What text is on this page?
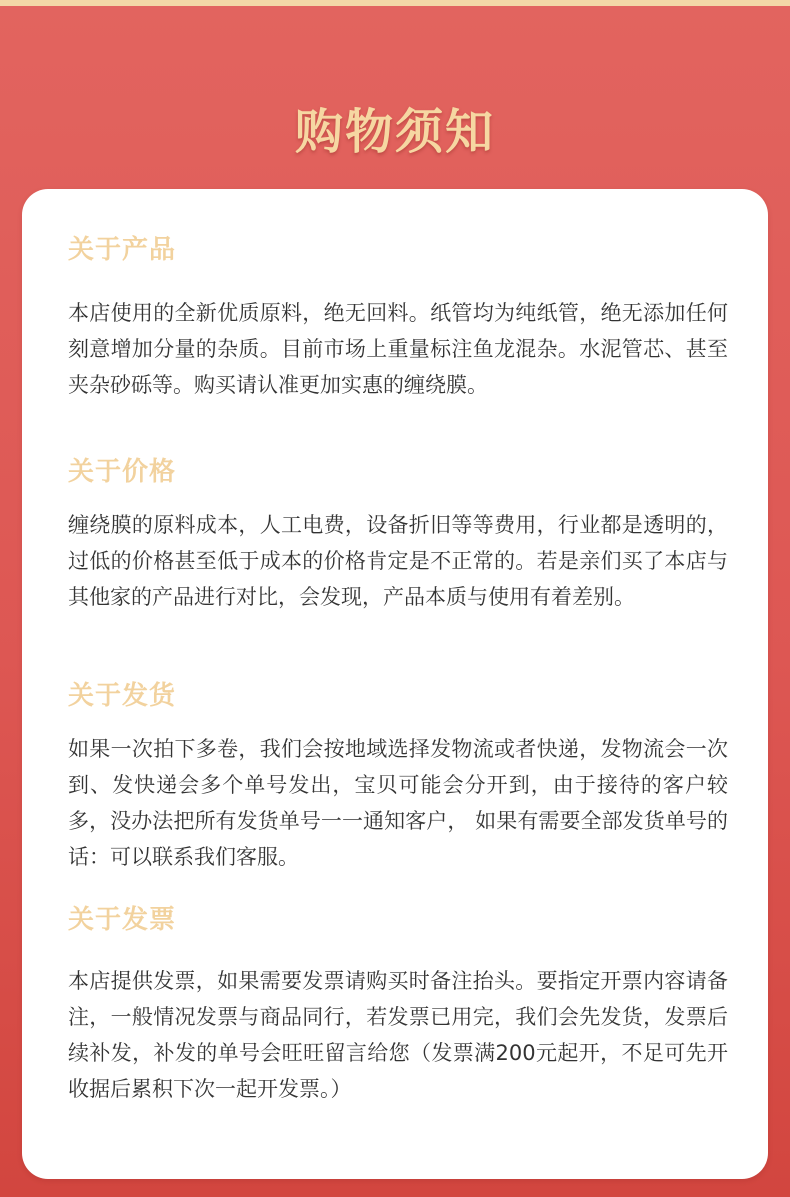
购物须知
关于产品

本店使用的全新优质原料，绝无回料。纸管均为纯纸管，绝无添加任何刻意增加分量的杂质。目前市场上重量标注鱼龙混杂。水泥管芯、甚至夹杂砂砾等。购买请认准更加实惠的缠绕膜。

关于价格

缠绕膜的原料成本，人工电费，设备折旧等等费用，行业都是透明的，过低的价格甚至低于成本的价格肯定是不正常的。若是亲们买了本店与其他家的产品进行对比，会发现，产品本质与使用有着差别。

关于发货

如果一次拍下多卷，我们会按地域选择发物流或者快递，发物流会一次到、发快递会多个单号发出，宝贝可能会分开到，由于接待的客户较多，没办法把所有发货单号一一通知客户， 如果有需要全部发货单号的话：可以联系我们客服。

关于发票

本店提供发票，如果需要发票请购买时备注抬头。要指定开票内容请备注，一般情况发票与商品同行，若发票已用完，我们会先发货，发票后续补发，补发的单号会旺旺留言给您（发票满200元起开，不足可先开收据后累积下次一起开发票。）
